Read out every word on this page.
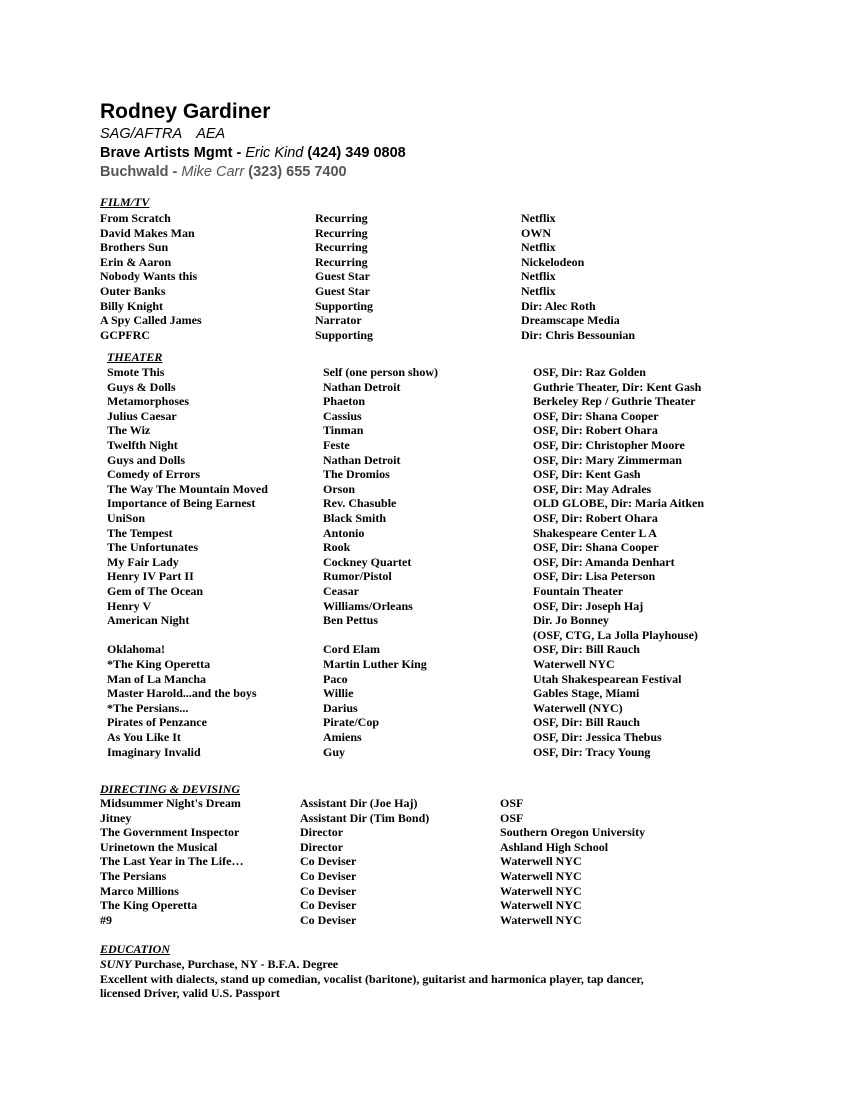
Rodney Gardiner
SAG/AFTRA AEA
Brave Artists Mgmt - Eric Kind (424) 349 0808
Buchwald - Mike Carr (323) 655 7400
FILM/TV
From Scratch	Recurring	Netflix
David Makes Man	Recurring	OWN
Brothers Sun	Recurring	Netflix
Erin & Aaron	Recurring	Nickelodeon
Nobody Wants this	Guest Star	Netflix
Outer Banks	Guest Star	Netflix
Billy Knight	Supporting	Dir: Alec Roth
A Spy Called James	Narrator	Dreamscape Media
GCPFRC	Supporting	Dir: Chris Bessounian
THEATER
Smote This	Self (one person show)	OSF, Dir: Raz Golden
Guys & Dolls	Nathan Detroit	Guthrie Theater, Dir: Kent Gash
Metamorphoses	Phaeton	Berkeley Rep / Guthrie Theater
Julius Caesar	Cassius	OSF, Dir: Shana Cooper
The Wiz	Tinman	OSF, Dir: Robert Ohara
Twelfth Night	Feste	OSF, Dir: Christopher Moore
Guys and Dolls	Nathan Detroit	OSF, Dir: Mary Zimmerman
Comedy of Errors	The Dromios	OSF, Dir: Kent Gash
The Way The Mountain Moved	Orson	OSF, Dir: May Adrales
Importance of Being Earnest	Rev. Chasuble	OLD GLOBE, Dir: Maria Aitken
UniSon	Black Smith	OSF, Dir: Robert Ohara
The Tempest	Antonio	Shakespeare Center L A
The Unfortunates	Rook	OSF, Dir: Shana Cooper
My Fair Lady	Cockney Quartet	OSF, Dir: Amanda Denhart
Henry IV Part II	Rumor/Pistol	OSF, Dir: Lisa Peterson
Gem of The Ocean	Ceasar	Fountain Theater
Henry V	Williams/Orleans	OSF, Dir: Joseph Haj
American Night	Ben Pettus	Dir. Jo Bonney
(OSF, CTG, La Jolla Playhouse)
Oklahoma!	Cord Elam	OSF, Dir: Bill Rauch
*The King Operetta	Martin Luther King	Waterwell NYC
Man of La Mancha	Paco	Utah Shakespearean Festival
Master Harold...and the boys	Willie	Gables Stage, Miami
*The Persians...	Darius	Waterwell (NYC)
Pirates of Penzance	Pirate/Cop	OSF, Dir: Bill Rauch
As You Like It	Amiens	OSF, Dir: Jessica Thebus
Imaginary Invalid	Guy	OSF, Dir: Tracy Young
DIRECTING & DEVISING
Midsummer Night's Dream	Assistant Dir (Joe Haj)	OSF
Jitney	Assistant Dir (Tim Bond)	OSF
The Government Inspector	Director	Southern Oregon University
Urinetown the Musical	Director	Ashland High School
The Last Year in The Life…	Co Deviser	Waterwell NYC
The Persians	Co Deviser	Waterwell NYC
Marco Millions	Co Deviser	Waterwell NYC
The King Operetta	Co Deviser	Waterwell NYC
#9	Co Deviser	Waterwell NYC
EDUCATION
SUNY Purchase, Purchase, NY - B.F.A. Degree
Excellent with dialects, stand up comedian, vocalist (baritone), guitarist and harmonica player, tap dancer,
licensed Driver, valid U.S. Passport
